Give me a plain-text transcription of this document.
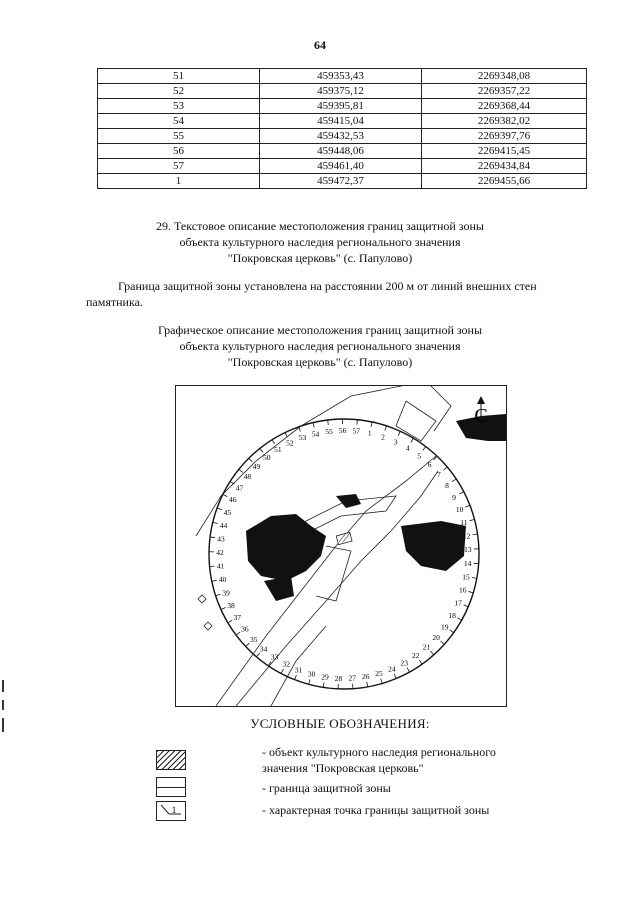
64
51	459353,43	2269348,08
52	459375,12	2269357,22
53	459395,81	2269368,44
54	459415,04	2269382,02
55	459432,53	2269397,76
56	459448,06	2269415,45
57	459461,40	2269434,84
1	459472,37	2269455,66
29. Текстовое описание местоположения границ защитной зоны
объекта культурного наследия регионального значения
"Покровская церковь" (с. Папулово)
Граница защитной зоны установлена на расстоянии 200 м от линий внешних стен
памятника.
Графическое описание местоположения границ защитной зоны
объекта культурного наследия регионального значения
"Покровская церковь" (с. Папулово)
С
1 2
3
4
5
6
7
8
9
10
11
12
13
14
15
16
17
18
19
20
21
22
23
24
25
26
27
28
29
30
31
32
33
34
35
36
37
38
39
40
41
42
43
44
45
46
47
48
49
50
51
52
53 54 55 56 57
УСЛОВНЫЕ ОБОЗНАЧЕНИЯ:
- объект культурного наследия регионального
значения "Покровская церковь"
- граница защитной зоны
1	- характерная точка границы защитной зоны
